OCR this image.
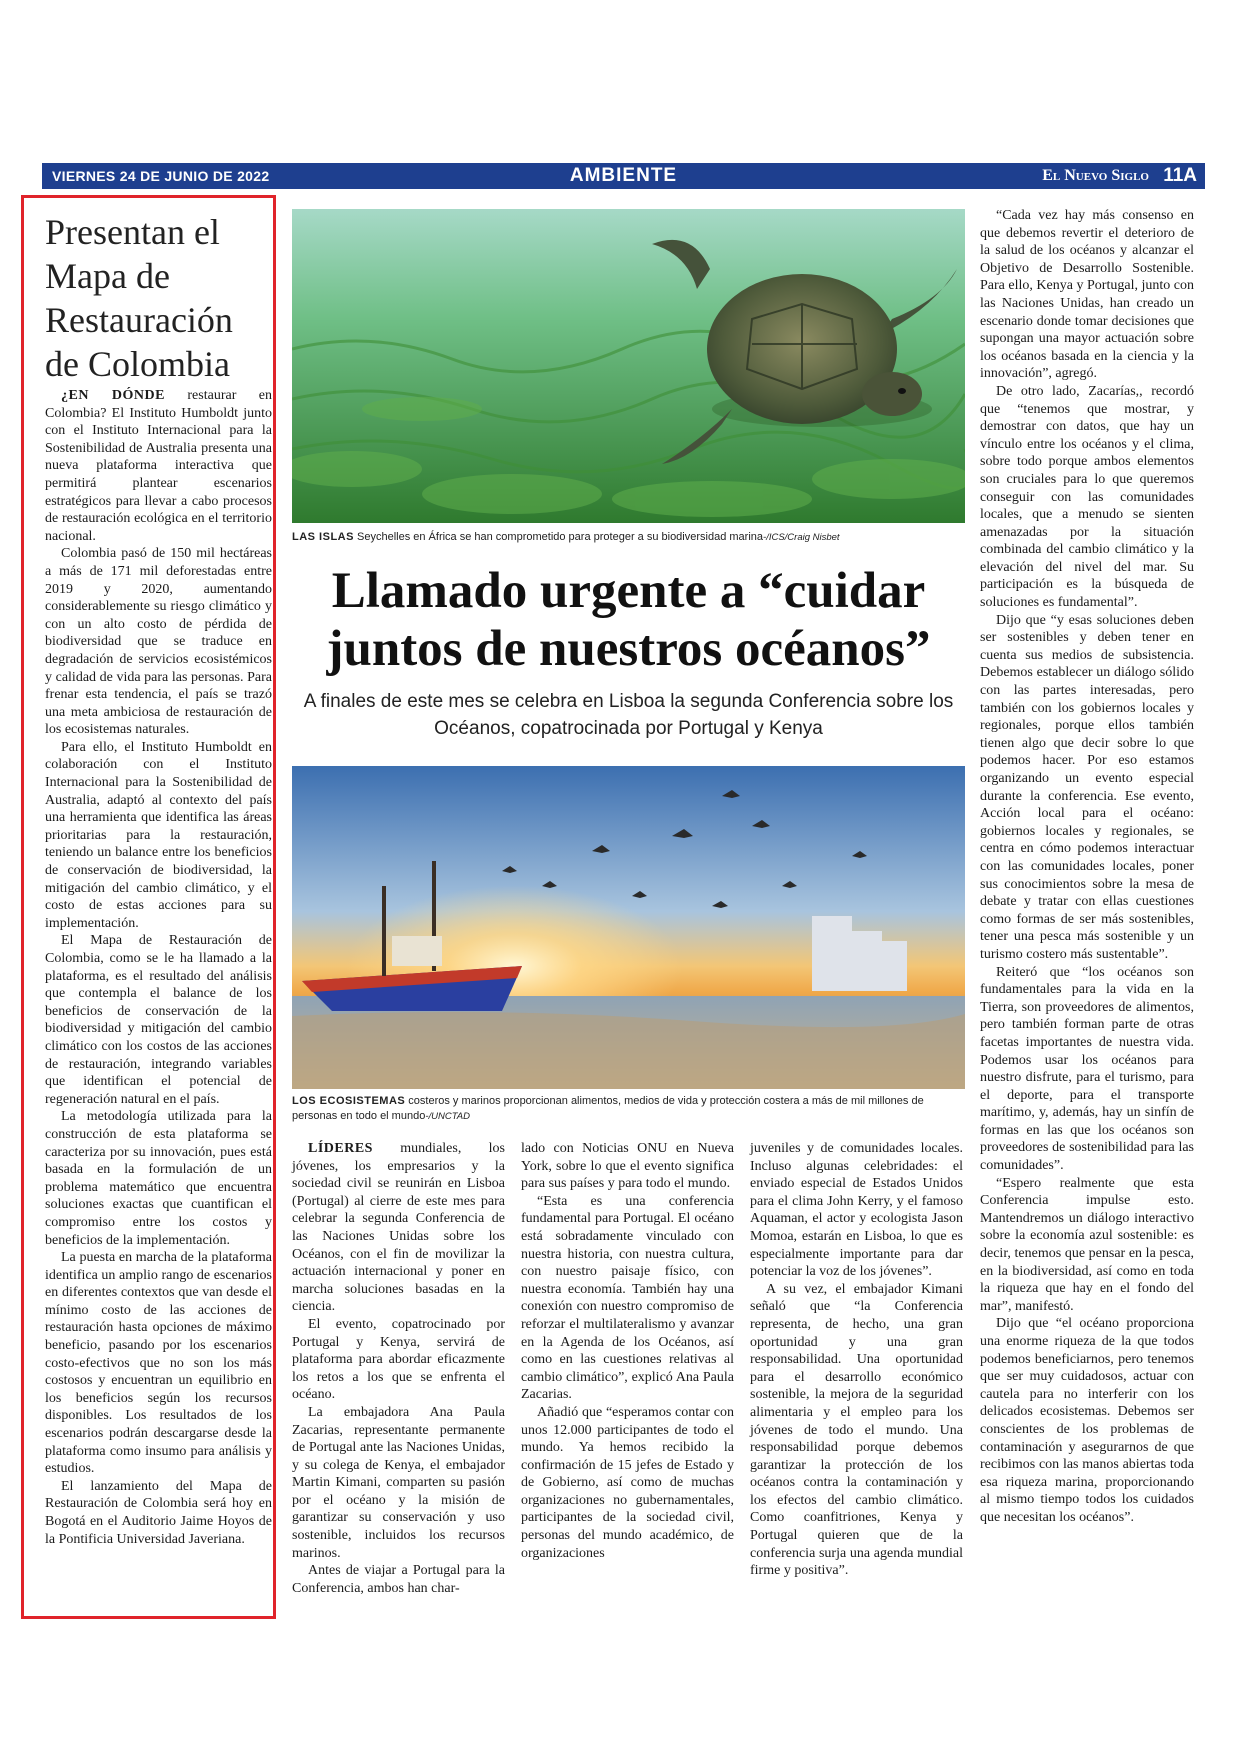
VIERNES 24 DE JUNIO DE 2022	AMBIENTE	El Nuevo Siglo 11A
Presentan el Mapa de Restauración de Colombia

¿EN DÓNDE restaurar en Colombia? El Instituto Humboldt junto con el Instituto Internacional para la Sostenibilidad de Australia presenta una nueva plataforma interactiva que permitirá plantear escenarios estratégicos para llevar a cabo procesos de restauración ecológica en el territorio nacional.

Colombia pasó de 150 mil hectáreas a más de 171 mil deforestadas entre 2019 y 2020, aumentando considerablemente su riesgo climático y con un alto costo de pérdida de biodiversidad que se traduce en degradación de servicios ecosistémicos y calidad de vida para las personas. Para frenar esta tendencia, el país se trazó una meta ambiciosa de restauración de los ecosistemas naturales.

Para ello, el Instituto Humboldt en colaboración con el Instituto Internacional para la Sostenibilidad de Australia, adaptó al contexto del país una herramienta que identifica las áreas prioritarias para la restauración, teniendo un balance entre los beneficios de conservación de biodiversidad, la mitigación del cambio climático, y el costo de estas acciones para su implementación.

El Mapa de Restauración de Colombia, como se le ha llamado a la plataforma, es el resultado del análisis que contempla el balance de los beneficios de conservación de la biodiversidad y mitigación del cambio climático con los costos de las acciones de restauración, integrando variables que identifican el potencial de regeneración natural en el país.

La metodología utilizada para la construcción de esta plataforma se caracteriza por su innovación, pues está basada en la formulación de un problema matemático que encuentra soluciones exactas que cuantifican el compromiso entre los costos y beneficios de la implementación.

La puesta en marcha de la plataforma identifica un amplio rango de escenarios en diferentes contextos que van desde el mínimo costo de las acciones de restauración hasta opciones de máximo beneficio, pasando por los escenarios costo-efectivos que no son los más costosos y encuentran un equilibrio en los beneficios según los recursos disponibles. Los resultados de los escenarios podrán descargarse desde la plataforma como insumo para análisis y estudios.

El lanzamiento del Mapa de Restauración de Colombia será hoy en Bogotá en el Auditorio Jaime Hoyos de la Pontificia Universidad Javeriana.

LAS ISLAS Seychelles en África se han comprometido para proteger a su biodiversidad marina-/ICS/Craig Nisbet
Llamado urgente a “cuidar juntos de nuestros océanos”
A finales de este mes se celebra en Lisboa la segunda Conferencia sobre los Océanos, copatrocinada por Portugal y Kenya
LOS ECOSISTEMAS costeros y marinos proporcionan alimentos, medios de vida y protección costera a más de mil millones de personas en todo el mundo-/UNCTAD

LÍDERES mundiales, los jóvenes, los empresarios y la sociedad civil se reunirán en Lisboa (Portugal) al cierre de este mes para celebrar la segunda Conferencia de las Naciones Unidas sobre los Océanos, con el fin de movilizar la actuación internacional y poner en marcha soluciones basadas en la ciencia.

El evento, copatrocinado por Portugal y Kenya, servirá de plataforma para abordar eficazmente los retos a los que se enfrenta el océano.

La embajadora Ana Paula Zacarias, representante permanente de Portugal ante las Naciones Unidas, y su colega de Kenya, el embajador Martin Kimani, comparten su pasión por el océano y la misión de garantizar su conservación y uso sostenible, incluidos los recursos marinos.

Antes de viajar a Portugal para la Conferencia, ambos han char-

lado con Noticias ONU en Nueva York, sobre lo que el evento significa para sus países y para todo el mundo.

“Esta es una conferencia fundamental para Portugal. El océano está sobradamente vinculado con nuestra historia, con nuestra cultura, con nuestro paisaje físico, con nuestra economía. También hay una conexión con nuestro compromiso de reforzar el multilateralismo y avanzar en la Agenda de los Océanos, así como en las cuestiones relativas al cambio climático”, explicó Ana Paula Zacarias.

Añadió que “esperamos contar con unos 12.000 participantes de todo el mundo. Ya hemos recibido la confirmación de 15 jefes de Estado y de Gobierno, así como de muchas organizaciones no gubernamentales, participantes de la sociedad civil, personas del mundo académico, de organizaciones

juveniles y de comunidades locales. Incluso algunas celebridades: el enviado especial de Estados Unidos para el clima John Kerry, y el famoso Aquaman, el actor y ecologista Jason Momoa, estarán en Lisboa, lo que es especialmente importante para dar potenciar la voz de los jóvenes”.

A su vez, el embajador Kimani señaló que “la Conferencia representa, de hecho, una gran oportunidad y una gran responsabilidad. Una oportunidad para el desarrollo económico sostenible, la mejora de la seguridad alimentaria y el empleo para los jóvenes de todo el mundo. Una responsabilidad porque debemos garantizar la protección de los océanos contra la contaminación y los efectos del cambio climático. Como coanfitriones, Kenya y Portugal quieren que de la conferencia surja una agenda mundial firme y positiva”.

“Cada vez hay más consenso en que debemos revertir el deterioro de la salud de los océanos y alcanzar el Objetivo de Desarrollo Sostenible. Para ello, Kenya y Portugal, junto con las Naciones Unidas, han creado un escenario donde tomar decisiones que supongan una mayor actuación sobre los océanos basada en la ciencia y la innovación”, agregó.

De otro lado, Zacarías,, recordó que “tenemos que mostrar, y demostrar con datos, que hay un vínculo entre los océanos y el clima, sobre todo porque ambos elementos son cruciales para lo que queremos conseguir con las comunidades locales, que a menudo se sienten amenazadas por la situación combinada del cambio climático y la elevación del nivel del mar. Su participación es la búsqueda de soluciones es fundamental”.

Dijo que “y esas soluciones deben ser sostenibles y deben tener en cuenta sus medios de subsistencia. Debemos establecer un diálogo sólido con las partes interesadas, pero también con los gobiernos locales y regionales, porque ellos también tienen algo que decir sobre lo que podemos hacer. Por eso estamos organizando un evento especial durante la conferencia. Ese evento, Acción local para el océano: gobiernos locales y regionales, se centra en cómo podemos interactuar con las comunidades locales, poner sus conocimientos sobre la mesa de debate y tratar con ellas cuestiones como formas de ser más sostenibles, tener una pesca más sostenible y un turismo costero más sustentable”.

Reiteró que “los océanos son fundamentales para la vida en la Tierra, son proveedores de alimentos, pero también forman parte de otras facetas importantes de nuestra vida. Podemos usar los océanos para nuestro disfrute, para el turismo, para el deporte, para el transporte marítimo, y, además, hay un sinfín de formas en las que los océanos son proveedores de sostenibilidad para las comunidades”.

“Espero realmente que esta Conferencia impulse esto. Mantendremos un diálogo interactivo sobre la economía azul sostenible: es decir, tenemos que pensar en la pesca, en la biodiversidad, así como en toda la riqueza que hay en el fondo del mar”, manifestó.

Dijo que “el océano proporciona una enorme riqueza de la que todos podemos beneficiarnos, pero tenemos que ser muy cuidadosos, actuar con cautela para no interferir con los delicados ecosistemas. Debemos ser conscientes de los problemas de contaminación y asegurarnos de que recibimos con las manos abiertas toda esa riqueza marina, proporcionando al mismo tiempo todos los cuidados que necesitan los océanos”.
